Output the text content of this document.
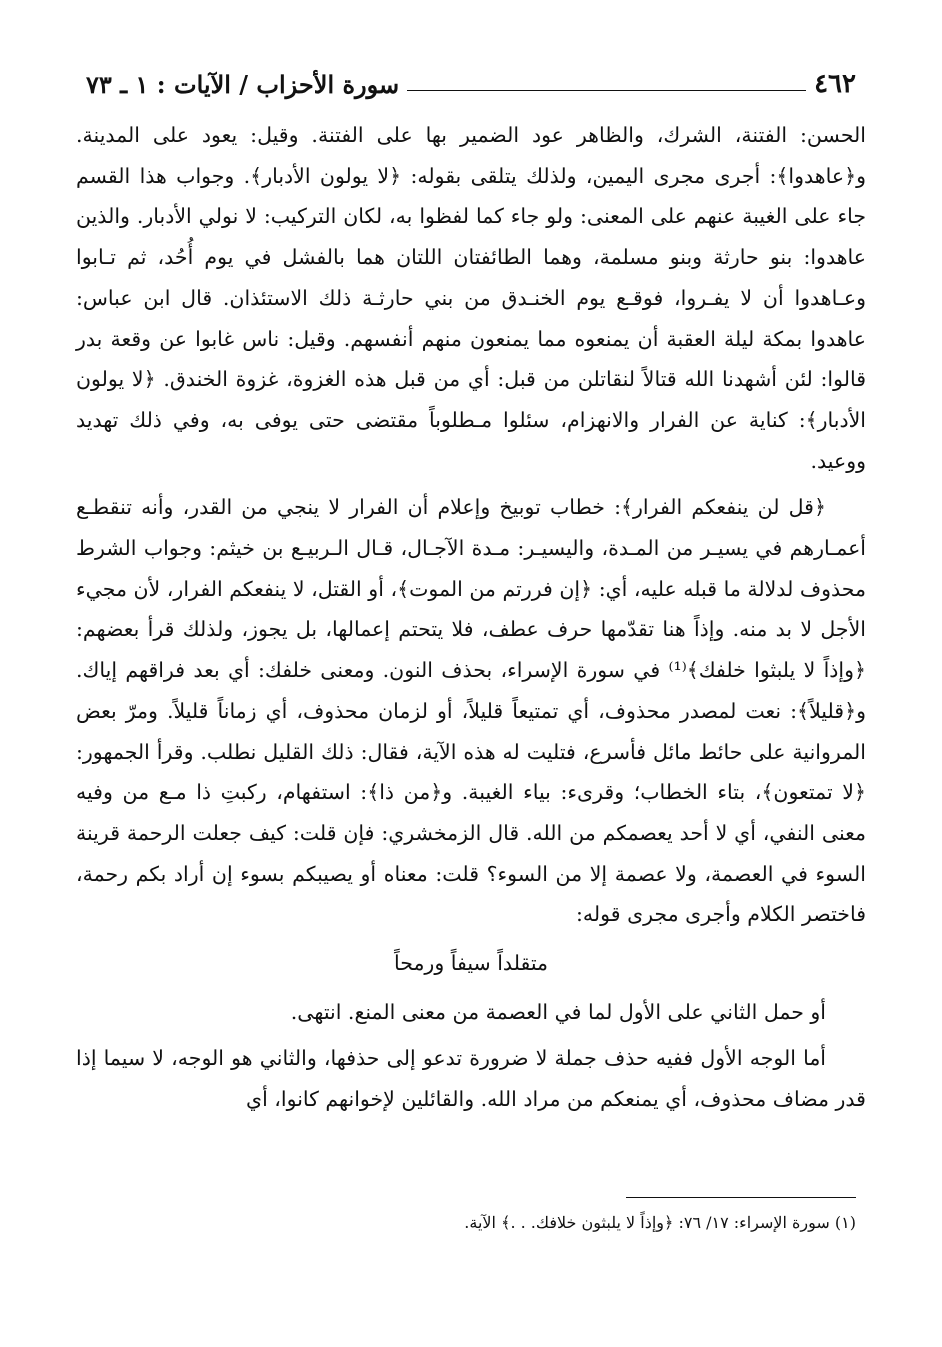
٤٦٢
سورة الأحزاب / الآيات : ١ ـ ٧٣

الحسن: الفتنة، الشرك، والظاهر عود الضمير بها على الفتنة. وقيل: يعود على المدينة. و﴿عاهدوا﴾: أجرى مجرى اليمين، ولذلك يتلقى بقوله: ﴿لا يولون الأدبار﴾. وجواب هذا القسم جاء على الغيبة عنهم على المعنى: ولو جاء كما لفظوا به، لكان التركيب: لا نولي الأدبار. والذين عاهدوا: بنو حارثة وبنو مسلمة، وهما الطائفتان اللتان هما بالفشل في يوم أُحُد، ثم تـابوا وعـاهدوا أن لا يفـروا، فوقـع يوم الخنـدق من بني حارثـة ذلك الاستئذان. قال ابن عباس: عاهدوا بمكة ليلة العقبة أن يمنعوه مما يمنعون منهم أنفسهم. وقيل: ناس غابوا عن وقعة بدر قالوا: لئن أشهدنا الله قتالاً لنقاتلن من قبل: أي من قبل هذه الغزوة، غزوة الخندق. ﴿لا يولون الأدبار﴾: كناية عن الفرار والانهزام، سئلوا مـطلوباً مقتضى حتى يوفى به، وفي ذلك تهديد ووعيد.

﴿قل لن ينفعكم الفرار﴾: خطاب توبيخ وإعلام أن الفرار لا ينجي من القدر، وأنه تنقطـع أعمـارهم في يسيـر من المـدة، واليسيـر: مـدة الآجـال، قـال الـربيـع بن خيثم: وجواب الشرط محذوف لدلالة ما قبله عليه، أي: ﴿إن فررتم من الموت﴾، أو القتل، لا ينفعكم الفرار، لأن مجيء الأجل لا بد منه. وإذاً هنا تقدّمها حرف عطف، فلا يتحتم إعمالها، بل يجوز، ولذلك قرأ بعضهم: ﴿وإذاً لا يلبثوا خلفك﴾⁽¹⁾ في سورة الإسراء، بحذف النون. ومعنى خلفك: أي بعد فراقهم إياك. و﴿قليلاً﴾: نعت لمصدر محذوف، أي تمتيعاً قليلاً، أو لزمان محذوف، أي زماناً قليلاً. ومرّ بعض المروانية على حائط مائل فأسرع، فتليت له هذه الآية، فقال: ذلك القليل نطلب. وقرأ الجمهور: ﴿لا تمتعون﴾، بتاء الخطاب؛ وقرىء: بياء الغيبة. و﴿من ذا﴾: استفهام، ركبتِ ذا مـع من وفيه معنى النفي، أي لا أحد يعصمكم من الله. قال الزمخشري: فإن قلت: كيف جعلت الرحمة قرينة السوء في العصمة، ولا عصمة إلا من السوء؟ قلت: معناه أو يصيبكم بسوء إن أراد بكم رحمة، فاختصر الكلام وأجرى مجرى قوله:

متقلداً سيفاً ورمحاً

أو حمل الثاني على الأول لما في العصمة من معنى المنع. انتهى.

أما الوجه الأول ففيه حذف جملة لا ضرورة تدعو إلى حذفها، والثاني هو الوجه، لا سيما إذا قدر مضاف محذوف، أي يمنعكم من مراد الله. والقائلين لإخوانهم كانوا، أي

(١) سورة الإسراء: ١٧/ ٧٦: ﴿وإذاً لا يلبثون خلافك. . .﴾ الآية.
